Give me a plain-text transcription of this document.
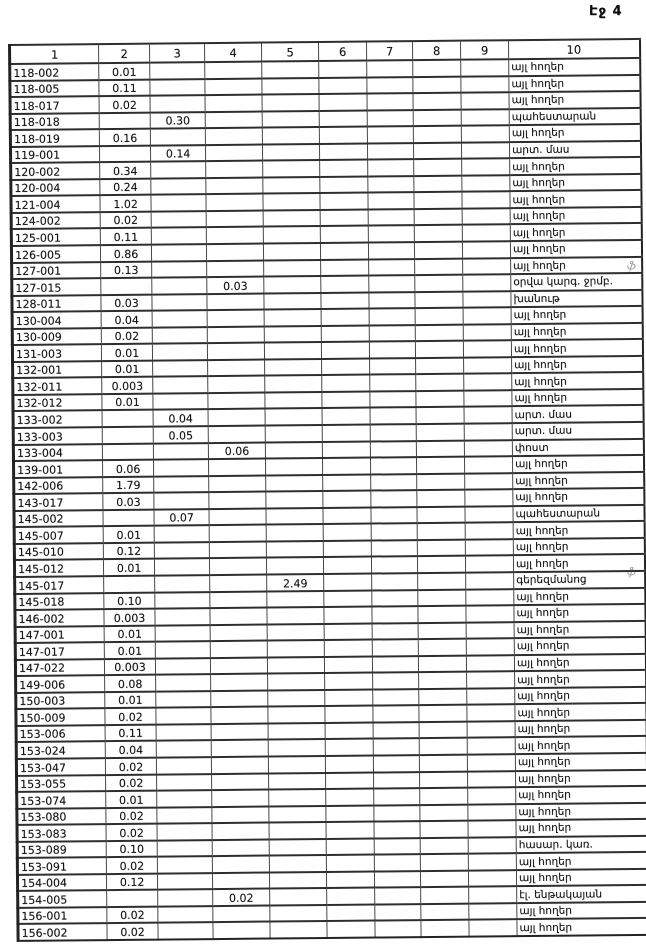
Էջ 4
1	2	3	4	5	6	7	8	9	10
118-002	0.01								այլ հողեր
118-005	0.11								այլ հողեր
118-017	0.02								այլ հողեր
118-018		0.30							պահեստարան
118-019	0.16								այլ հողեր
119-001		0.14							արտ. մաս
120-002	0.34								այլ հողեր
120-004	0.24								այլ հողեր
121-004	1.02								այլ հողեր
124-002	0.02								այլ հողեր
125-001	0.11								այլ հողեր
126-005	0.86								այլ հողեր
127-001	0.13								այլ հողեր
127-015			0.03						օրվա կարգ. ջրմբ.
128-011	0.03								խանութ
130-004	0.04								այլ հողեր
130-009	0.02								այլ հողեր
131-003	0.01								այլ հողեր
132-001	0.01								այլ հողեր
132-011	0.003								այլ հողեր
132-012	0.01								այլ հողեր
133-002		0.04							արտ. մաս
133-003		0.05							արտ. մաս
133-004			0.06						փոստ
139-001	0.06								այլ հողեր
142-006	1.79								այլ հողեր
143-017	0.03								այլ հողեր
145-002		0.07							պահեստարան
145-007	0.01								այլ հողեր
145-010	0.12								այլ հողեր
145-012	0.01								այլ հողեր
145-017				2.49					գերեզմանոց
145-018	0.10								այլ հողեր
146-002	0.003								այլ հողեր
147-001	0.01								այլ հողեր
147-017	0.01								այլ հողեր
147-022	0.003								այլ հողեր
149-006	0.08								այլ հողեր
150-003	0.01								այլ հողեր
150-009	0.02								այլ հողեր
153-006	0.11								այլ հողեր
153-024	0.04								այլ հողեր
153-047	0.02								այլ հողեր
153-055	0.02								այլ հողեր
153-074	0.01								այլ հողեր
153-080	0.02								այլ հողեր
153-083	0.02								այլ հողեր
153-089	0.10								հասար. կառ.
153-091	0.02								այլ հողեր
154-004	0.12								այլ հողեր
154-005			0.02						էլ. ենթակայան
156-001	0.02								այլ հողեր
156-002	0.02								այլ հողեր
ֆ
ֆ
